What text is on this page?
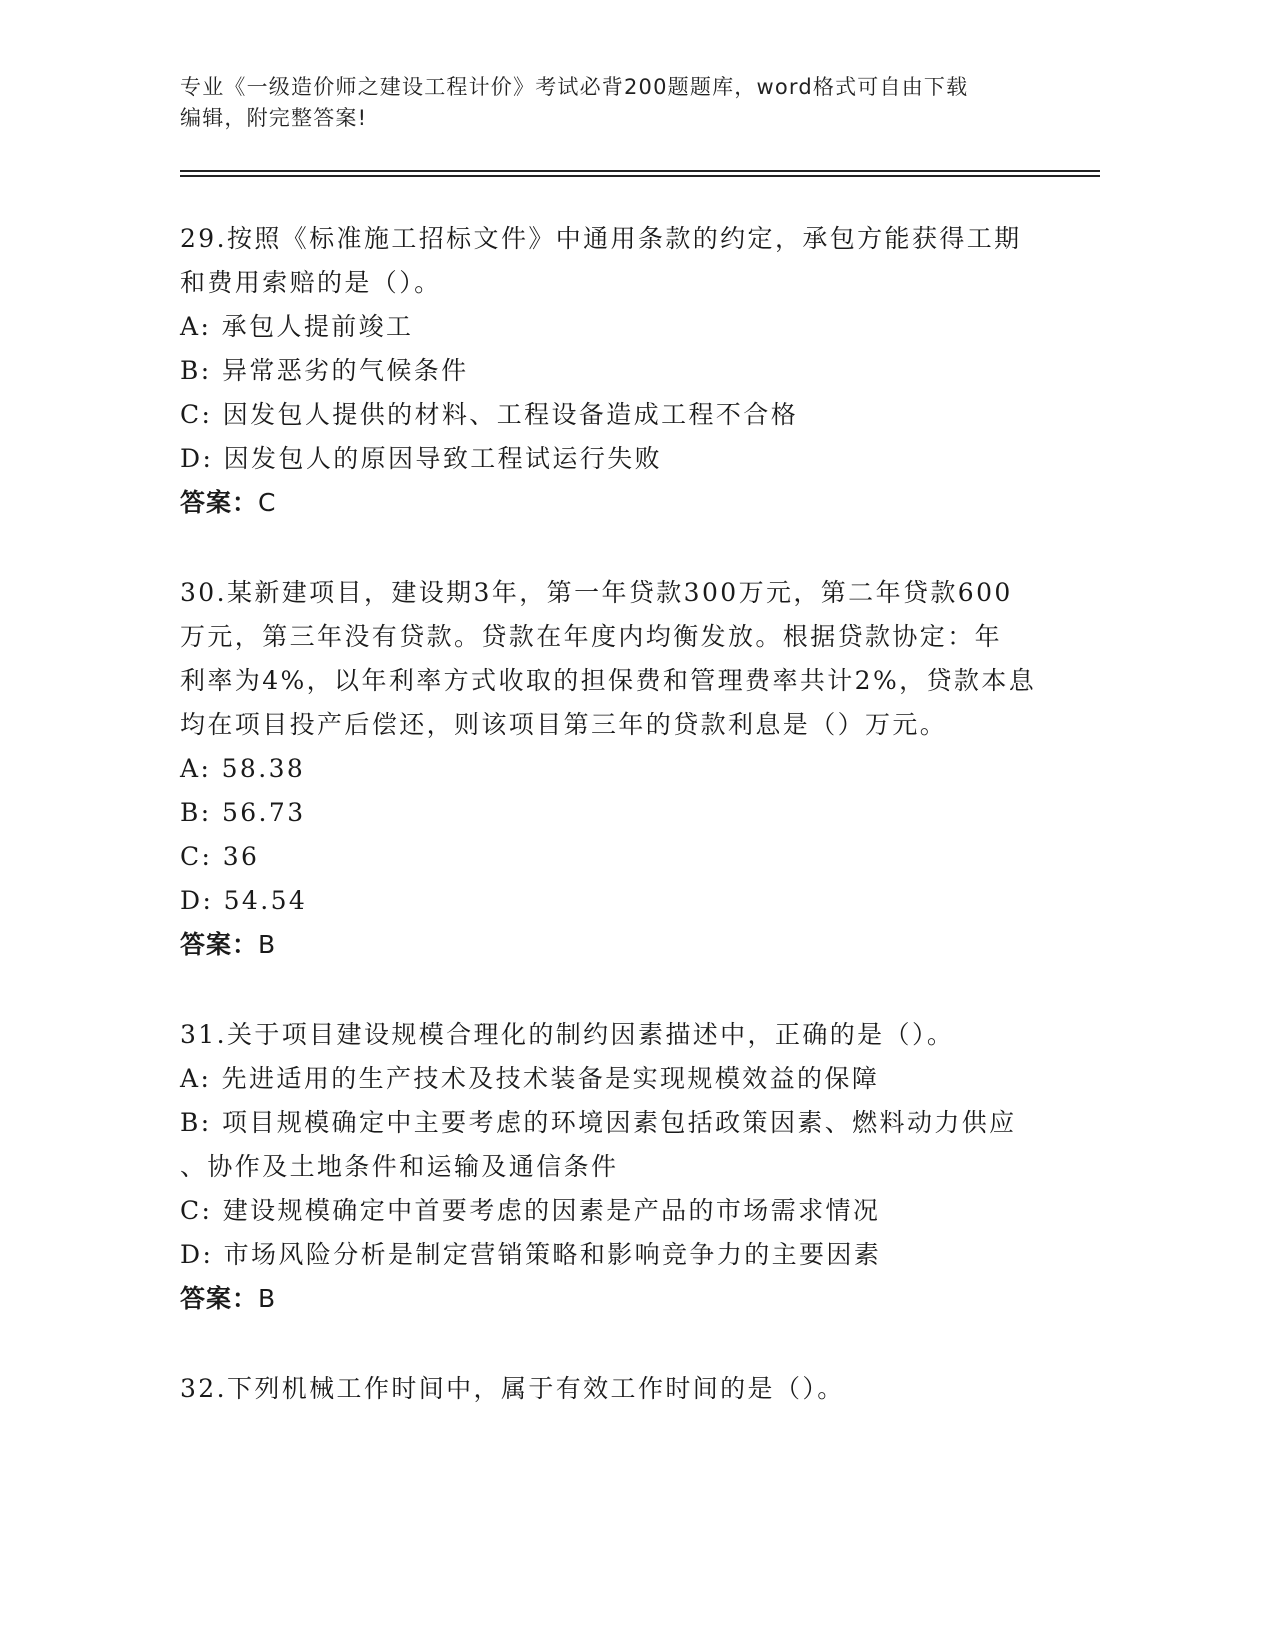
专业《一级造价师之建设工程计价》考试必背200题题库，word格式可自由下载
编辑，附完整答案!
29.按照《标准施工招标文件》中通用条款的约定，承包方能获得工期
和费用索赔的是（）。
A: 承包人提前竣工
B: 异常恶劣的气候条件
C: 因发包人提供的材料、工程设备造成工程不合格
D: 因发包人的原因导致工程试运行失败
答案：C
30.某新建项目，建设期3年，第一年贷款300万元，第二年贷款600
万元，第三年没有贷款。贷款在年度内均衡发放。根据贷款协定：年
利率为4%，以年利率方式收取的担保费和管理费率共计2%，贷款本息
均在项目投产后偿还，则该项目第三年的贷款利息是（）万元。
A: 58.38
B: 56.73
C: 36
D: 54.54
答案：B
31.关于项目建设规模合理化的制约因素描述中，正确的是（）。
A: 先进适用的生产技术及技术装备是实现规模效益的保障
B: 项目规模确定中主要考虑的环境因素包括政策因素、燃料动力供应
、协作及土地条件和运输及通信条件
C: 建设规模确定中首要考虑的因素是产品的市场需求情况
D: 市场风险分析是制定营销策略和影响竞争力的主要因素
答案：B
32.下列机械工作时间中，属于有效工作时间的是（）。
